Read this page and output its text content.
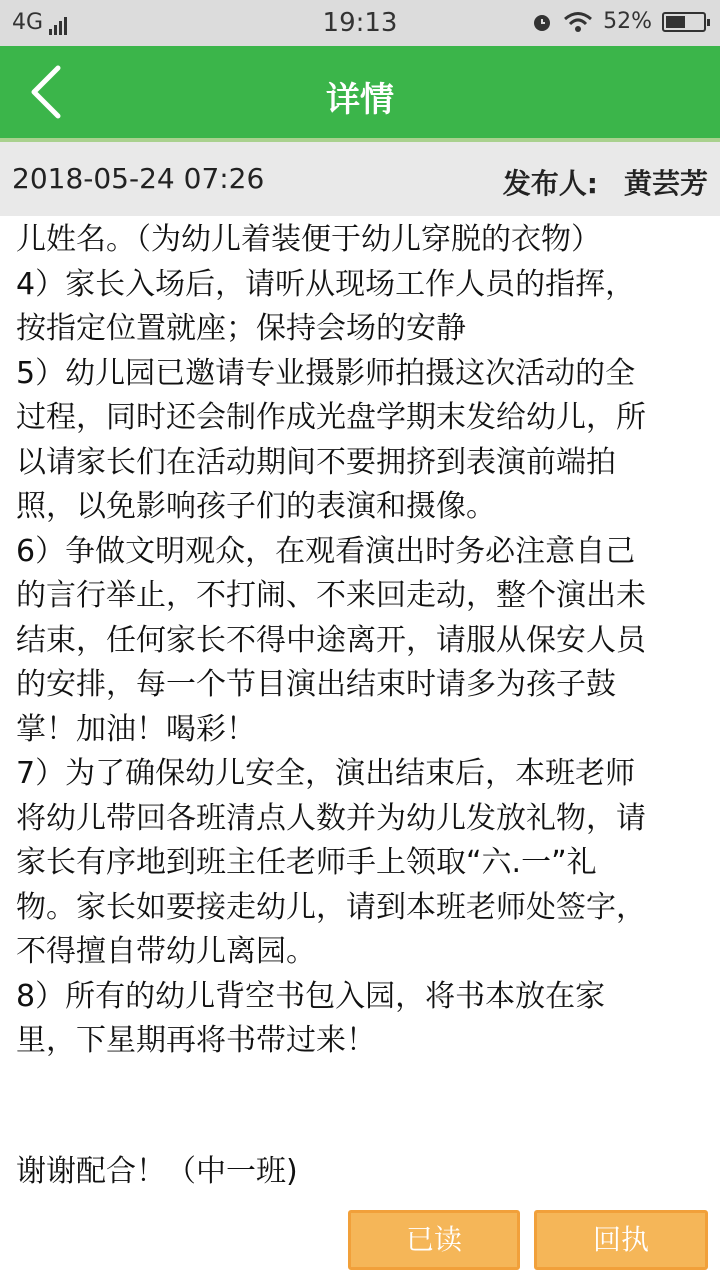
4G	19:13	52%
详情
2018-05-24 07:26	发布人: 黄芸芳

儿姓名。（为幼儿着装便于幼儿穿脱的衣物）

4）家长入场后，请听从现场工作人员的指挥，

按指定位置就座；保持会场的安静

5）幼儿园已邀请专业摄影师拍摄这次活动的全

过程，同时还会制作成光盘学期末发给幼儿，所

以请家长们在活动期间不要拥挤到表演前端拍

照，以免影响孩子们的表演和摄像。

6）争做文明观众，在观看演出时务必注意自己

的言行举止，不打闹、不来回走动，整个演出未

结束，任何家长不得中途离开，请服从保安人员

的安排，每一个节目演出结束时请多为孩子鼓

掌！加油！喝彩！

7）为了确保幼儿安全，演出结束后，本班老师

将幼儿带回各班清点人数并为幼儿发放礼物，请

家长有序地到班主任老师手上领取“六.一”礼

物。家长如要接走幼儿，请到本班老师处签字，

不得擅自带幼儿离园。

8）所有的幼儿背空书包入园，将书本放在家

里，下星期再将书带过来！

谢谢配合！（中一班)
已读	回执
